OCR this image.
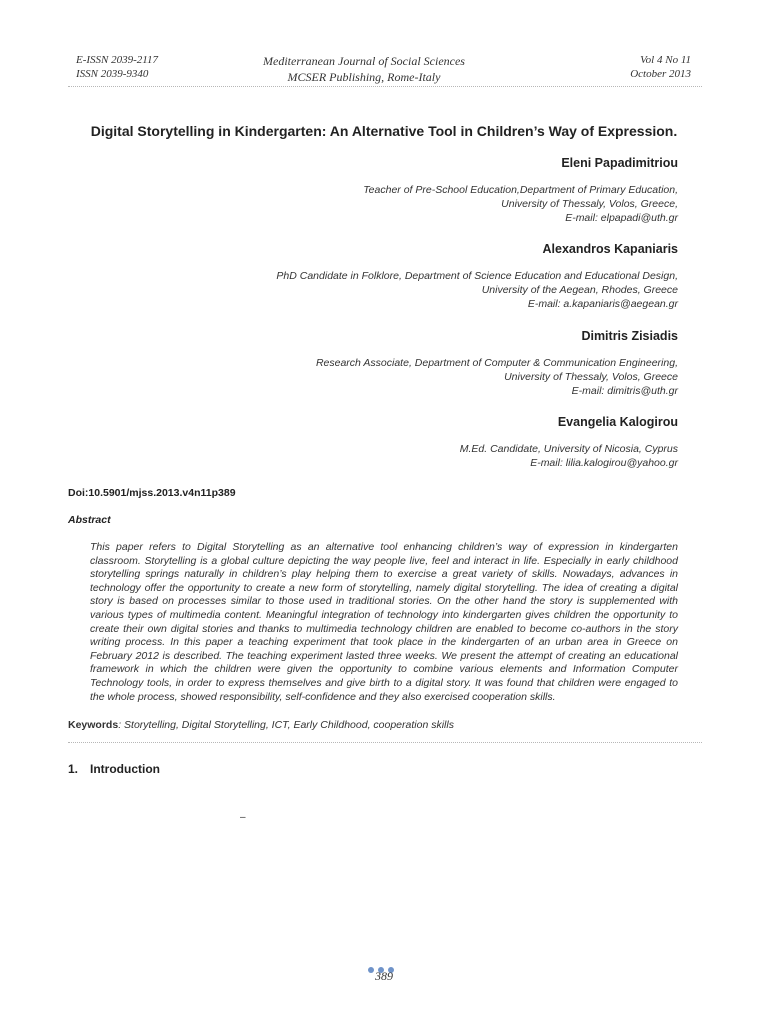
E-ISSN 2039-2117
ISSN 2039-9340
Mediterranean Journal of Social Sciences
MCSER Publishing, Rome-Italy
Vol 4 No 11
October 2013
Digital Storytelling in Kindergarten: An Alternative Tool in Children’s Way of Expression.
Eleni Papadimitriou
Teacher of Pre-School Education,Department of Primary Education,
University of Thessaly, Volos, Greece,
E-mail: elpapadi@uth.gr
Alexandros Kapaniaris
PhD Candidate in Folklore, Department of Science Education and Educational Design,
University of the Aegean, Rhodes, Greece
E-mail: a.kapaniaris@aegean.gr
Dimitris Zisiadis
Research Associate, Department of Computer & Communication Engineering,
University of Thessaly, Volos, Greece
E-mail: dimitris@uth.gr
Evangelia Kalogirou
M.Ed. Candidate, University of Nicosia, Cyprus
E-mail: lilia.kalogirou@yahoo.gr
Doi:10.5901/mjss.2013.v4n11p389
Abstract
This paper refers to Digital Storytelling as an alternative tool enhancing children’s way of expression in kindergarten classroom. Storytelling is a global culture depicting the way people live, feel and interact in life. Especially in early childhood storytelling springs naturally in children’s play helping them to exercise a great variety of skills. Nowadays, advances in technology offer the opportunity to create a new form of storytelling, namely digital storytelling. The idea of creating a digital story is based on processes similar to those used in traditional stories. On the other hand the story is supplemented with various types of multimedia content. Meaningful integration of technology into kindergarten gives children the opportunity to create their own digital stories and thanks to multimedia technology children are enabled to become co-authors in the story writing process. In this paper a teaching experiment that took place in the kindergarten of an urban area in Greece on February 2012 is described. The teaching experiment lasted three weeks. We present the attempt of creating an educational framework in which the children were given the opportunity to combine various elements and Information Computer Technology tools, in order to express themselves and give birth to a digital story. It was found that children were engaged to the whole process, showed responsibility, self-confidence and they also exercised cooperation skills.
Keywords: Storytelling, Digital Storytelling, ICT, Early Childhood, cooperation skills
1. Introduction
–
389
